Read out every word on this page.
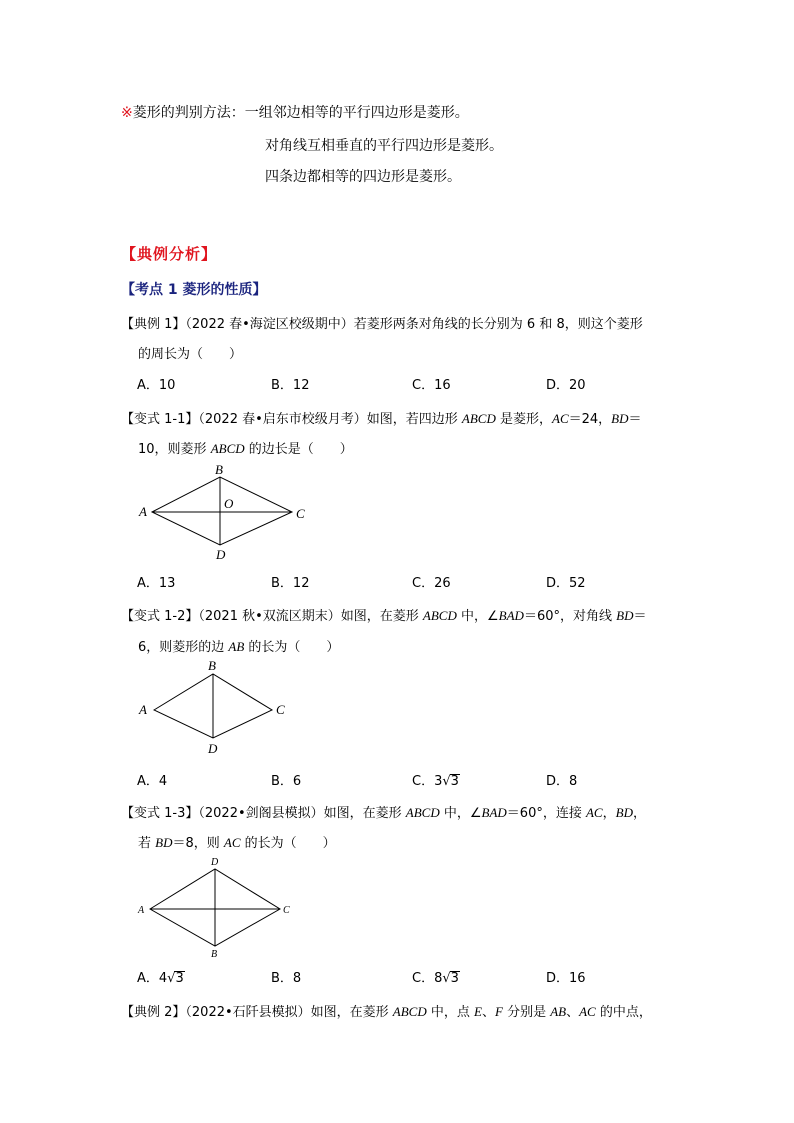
※菱形的判别方法：一组邻边相等的平行四边形是菱形。
对角线互相垂直的平行四边形是菱形。
四条边都相等的四边形是菱形。
【典例分析】
【考点 1 菱形的性质】
【典例 1】（2022 春•海淀区校级期中）若菱形两条对角线的长分别为 6 和 8，则这个菱形
的周长为（　　）
A．10	B．12	C．16	D．20
【变式 1-1】（2022 春•启东市校级月考）如图，若四边形 ABCD 是菱形，AC＝24，BD＝
10，则菱形 ABCD 的边长是（　　）
A
B
C
D
O
A．13	B．12	C．26	D．52
【变式 1-2】（2021 秋•双流区期末）如图，在菱形 ABCD 中，∠BAD＝60°，对角线 BD＝
6，则菱形的边 AB 的长为（　　）
A
B
C
D
A．4	B．6	C．3√3	D．8
【变式 1-3】（2022•剑阁县模拟）如图，在菱形 ABCD 中，∠BAD＝60°，连接 AC，BD，
若 BD＝8，则 AC 的长为（　　）
A
D
C
B
A．4√3	B．8	C．8√3	D．16
【典例 2】（2022•石阡县模拟）如图，在菱形 ABCD 中，点 E、F 分别是 AB、AC 的中点，
